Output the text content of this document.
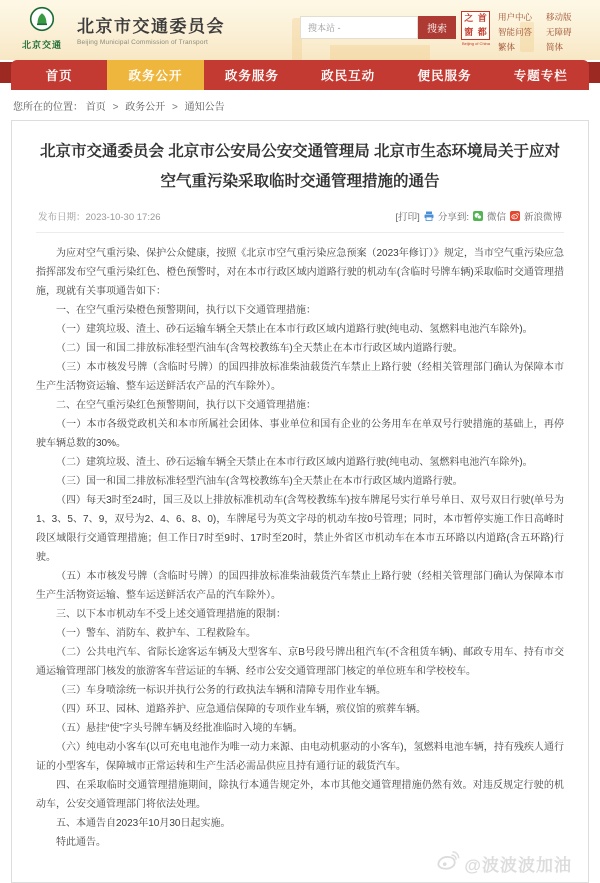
北京交通
北京市交通委员会
Beijing Municipal Commission of Transport
搜本站 -
搜索
之 首
窗 都
Beijing of China
用户中心
智能问答
繁体
移动版
无障碍
简体
首页	政务公开	政务服务	政民互动	便民服务	专题专栏
您所在的位置： 首页 > 政务公开 > 通知公告
北京市交通委员会 北京市公安局公安交通管理局 北京市生态环境局关于应对空气重污染采取临时交通管理措施的通告
发布日期：2023-10-30 17:26	[打印] 分享到: 微信 新浪微博

为应对空气重污染、保护公众健康，按照《北京市空气重污染应急预案（2023年修订）》规定，当市空气重污染应急指挥部发布空气重污染红色、橙色预警时，对在本市行政区域内道路行驶的机动车(含临时号牌车辆)采取临时交通管理措施，现就有关事项通告如下：

一、在空气重污染橙色预警期间，执行以下交通管理措施：

（一）建筑垃圾、渣土、砂石运输车辆全天禁止在本市行政区域内道路行驶(纯电动、氢燃料电池汽车除外)。

（二）国一和国二排放标准轻型汽油车(含驾校教练车)全天禁止在本市行政区域内道路行驶。

（三）本市核发号牌（含临时号牌）的国四排放标准柴油载货汽车禁止上路行驶（经相关管理部门确认为保障本市生产生活物资运输、整车运送鲜活农产品的汽车除外）。

二、在空气重污染红色预警期间，执行以下交通管理措施：

（一）本市各级党政机关和本市所属社会团体、事业单位和国有企业的公务用车在单双号行驶措施的基础上，再停驶车辆总数的30%。

（二）建筑垃圾、渣土、砂石运输车辆全天禁止在本市行政区域内道路行驶(纯电动、氢燃料电池汽车除外)。

（三）国一和国二排放标准轻型汽油车(含驾校教练车)全天禁止在本市行政区域内道路行驶。

（四）每天3时至24时，国三及以上排放标准机动车(含驾校教练车)按车牌尾号实行单号单日、双号双日行驶(单号为1、3、5、7、9，双号为2、4、6、8、0)，车牌尾号为英文字母的机动车按0号管理；同时，本市暂停实施工作日高峰时段区域限行交通管理措施；但工作日7时至9时、17时至20时，禁止外省区市机动车在本市五环路以内道路(含五环路)行驶。

（五）本市核发号牌（含临时号牌）的国四排放标准柴油载货汽车禁止上路行驶（经相关管理部门确认为保障本市生产生活物资运输、整车运送鲜活农产品的汽车除外）。

三、以下本市机动车不受上述交通管理措施的限制：

（一）警车、消防车、救护车、工程救险车。

（二）公共电汽车、省际长途客运车辆及大型客车、京B号段号牌出租汽车(不含租赁车辆)、邮政专用车、持有市交通运输管理部门核发的旅游客车营运证的车辆、经市公安交通管理部门核定的单位班车和学校校车。

（三）车身喷涂统一标识并执行公务的行政执法车辆和清障专用作业车辆。

（四）环卫、园林、道路养护、应急通信保障的专项作业车辆，殡仪馆的殡葬车辆。

（五）悬挂“使”字头号牌车辆及经批准临时入境的车辆。

（六）纯电动小客车(以可充电电池作为唯一动力来源、由电动机驱动的小客车)，氢燃料电池车辆，持有残疾人通行证的小型客车，保障城市正常运转和生产生活必需品供应且持有通行证的载货汽车。

四、在采取临时交通管理措施期间，除执行本通告规定外，本市其他交通管理措施仍然有效。对违反规定行驶的机动车，公安交通管理部门将依法处理。

五、本通告自2023年10月30日起实施。

特此通告。

@波波波加油
